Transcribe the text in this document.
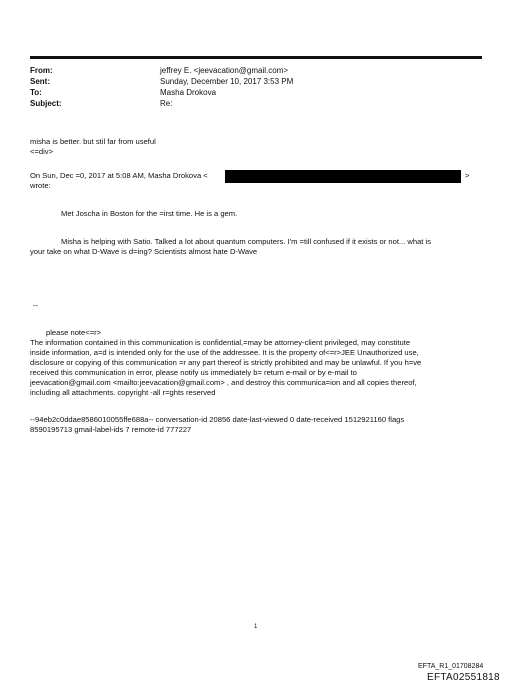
From:	jeffrey E. <jeevacation@gmail.com>
Sent:	Sunday, December 10, 2017 3:53 PM
To:	Masha Drokova
Subject:	Re:
misha is better. but stil far from useful
<=div>
On Sun, Dec =0, 2017 at 5:08 AM, Masha Drokova <	>
wrote:
Met Joscha in Boston for the =irst time. He is a gem.
Misha is helping with Satio. Talked a lot about quantum computers. I'm =till confused if it exists or not... what is
your take on what D-Wave is d=ing? Scientists almost hate D-Wave
--
please note<=r>
The information contained in this communication is confidential,=may be attorney-client privileged, may constitute
inside information, a=d is intended only for the use of the addressee. It is the property of<=r>JEE Unauthorized use,
disclosure or copying of this communication =r any part thereof is strictly prohibited and may be unlawful. If you h=ve
received this communication in error, please notify us immediately b= return e-mail or by e-mail to
jeevacation@gmail.com <mailto:jeevacation@gmail.com> , and destroy this communica=ion and all copies thereof,
including all attachments. copyright -all r=ghts reserved
--94eb2c0ddae8586010055ffe688a-- conversation-id 20856 date-last-viewed 0 date-received 1512921160 flags
8590195713 gmail-label-ids 7 remote-id 777227
1
EFTA_R1_01708284
EFTA02551818
